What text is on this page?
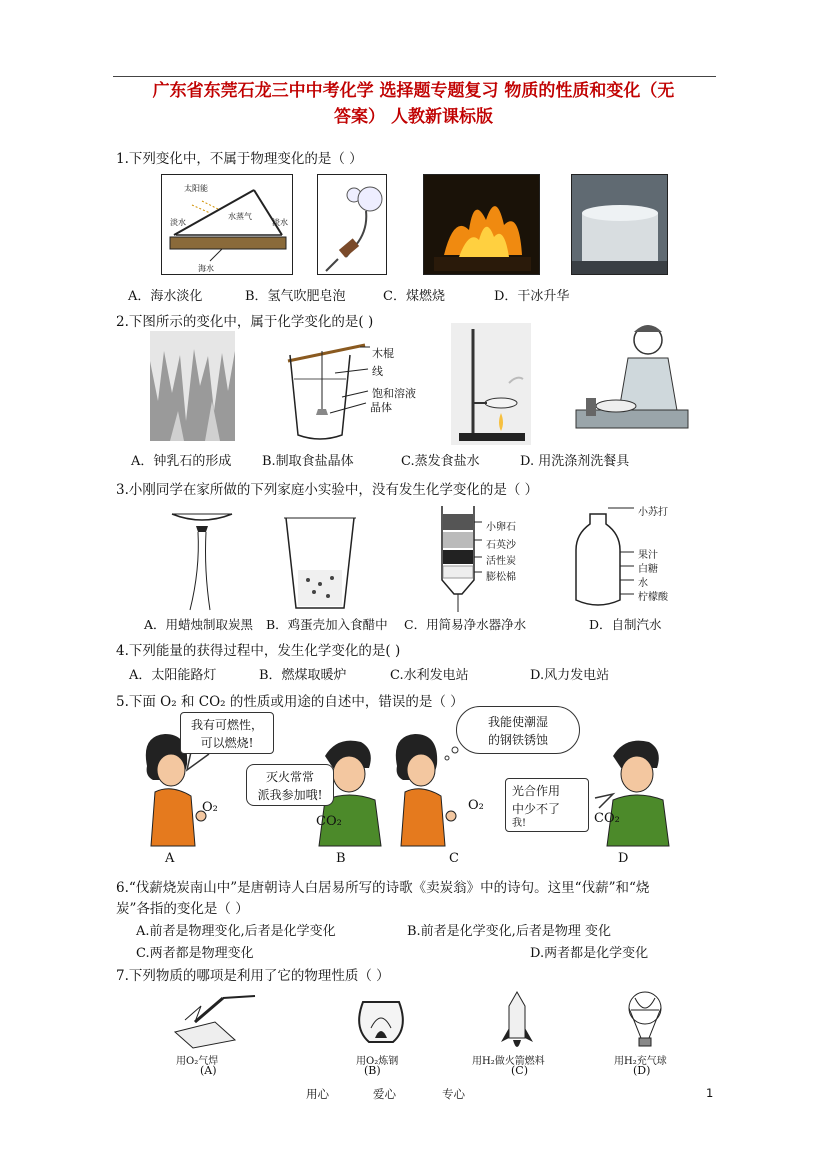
广东省东莞石龙三中中考化学 选择题专题复习 物质的性质和变化（无
答案） 人教新课标版
1.下列变化中，不属于物理变化的是（ ）
太阳能
淡水
水蒸气
淡水
海水
A．海水淡化	B．氢气吹肥皂泡	C．煤燃烧	D．干冰升华
2.下图所示的变化中，属于化学变化的是( )
木棍
线
饱和溶液
晶体
A．钟乳石的形成 B.制取食盐晶体	C.蒸发食盐水	D. 用洗涤剂洗餐具
3.小刚同学在家所做的下列家庭小实验中，没有发生化学变化的是（ ）
小卵石
石英沙
活性炭
膨松棉
小苏打
果汁
白糖
水
柠檬酸
A．用蜡烛制取炭黑 B．鸡蛋壳加入食醋中 C．用简易净水器净水	D．自制汽水
4.下列能量的获得过程中，发生化学变化的是( )
A．太阳能路灯	B．燃煤取暖炉	C.水利发电站	D.风力发电站
5.下面 O₂ 和 CO₂ 的性质或用途的自述中，错误的是（ ）
我有可燃性，
可以燃烧!
灭火常常
派我参加哦!
我能使潮湿
的钢铁锈蚀
光合作用
中少不了
我!
O₂
CO₂
O₂
CO₂
A	B	C	D
6.“伐薪烧炭南山中”是唐朝诗人白居易所写的诗歌《卖炭翁》中的诗句。这里“伐薪”和“烧
炭”各指的变化是（ ）
A.前者是物理变化,后者是化学变化	B.前者是化学变化,后者是物理 变化
C.两者都是物理变化	D.两者都是化学变化
7.下列物质的哪项是利用了它的物理性质（ ）
用O₂气焊	用O₂炼钢	用H₂做火箭燃料	用H₂充气球
(A)	(B)	(C)	(D)
用心	爱心	专心	1
